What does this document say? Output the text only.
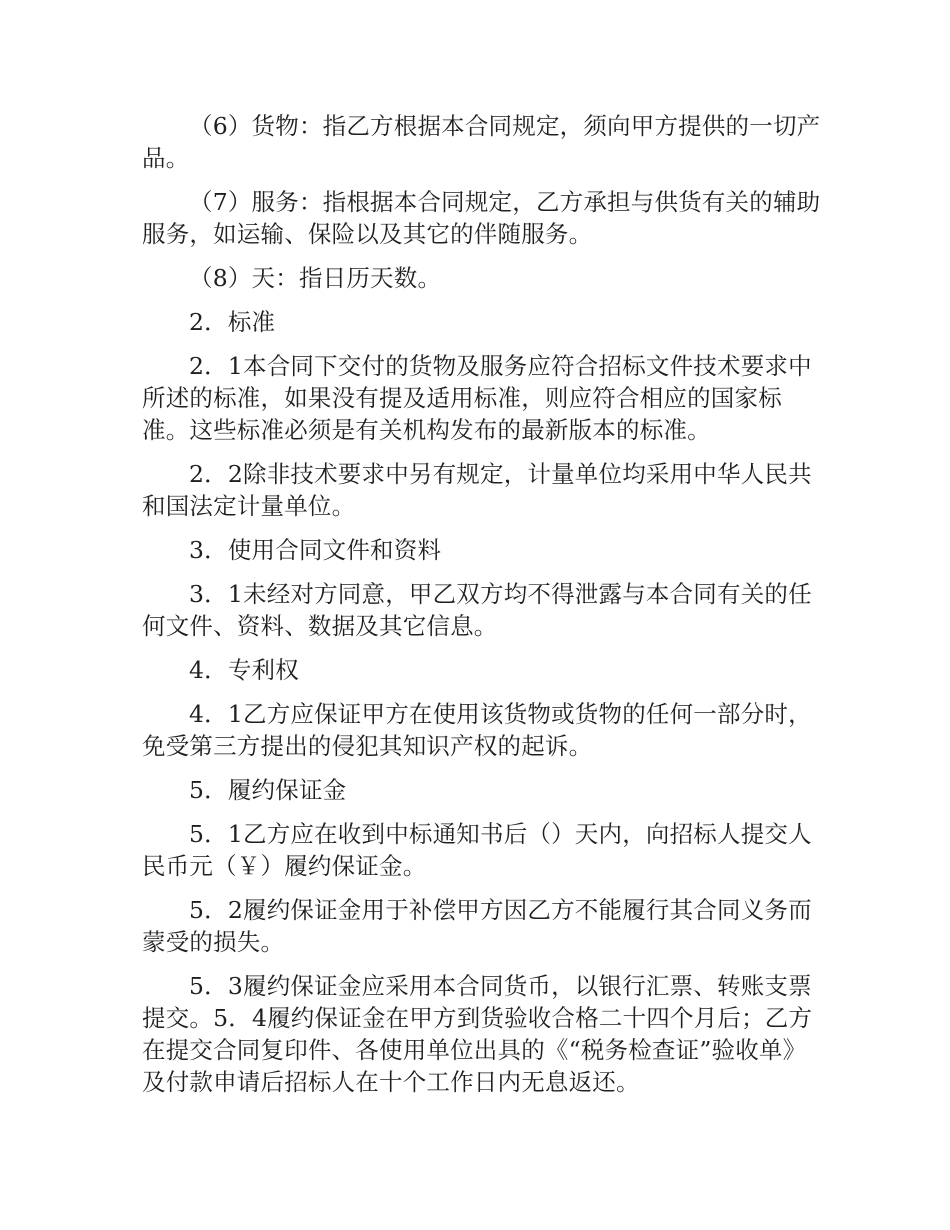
（6）货物：指乙方根据本合同规定，须向甲方提供的一切产品。

（7）服务：指根据本合同规定，乙方承担与供货有关的辅助服务，如运输、保险以及其它的伴随服务。

（8）天：指日历天数。

2．标准

2．1本合同下交付的货物及服务应符合招标文件技术要求中所述的标准，如果没有提及适用标准，则应符合相应的国家标准。这些标准必须是有关机构发布的最新版本的标准。

2．2除非技术要求中另有规定，计量单位均采用中华人民共和国法定计量单位。

3．使用合同文件和资料

3．1未经对方同意，甲乙双方均不得泄露与本合同有关的任何文件、资料、数据及其它信息。

4．专利权

4．1乙方应保证甲方在使用该货物或货物的任何一部分时，免受第三方提出的侵犯其知识产权的起诉。

5．履约保证金

5．1乙方应在收到中标通知书后（）天内，向招标人提交人民币元（￥）履约保证金。

5．2履约保证金用于补偿甲方因乙方不能履行其合同义务而蒙受的损失。

5．3履约保证金应采用本合同货币，以银行汇票、转账支票提交。5．4履约保证金在甲方到货验收合格二十四个月后；乙方在提交合同复印件、各使用单位出具的《“税务检查证”验收单》及付款申请后招标人在十个工作日内无息返还。
